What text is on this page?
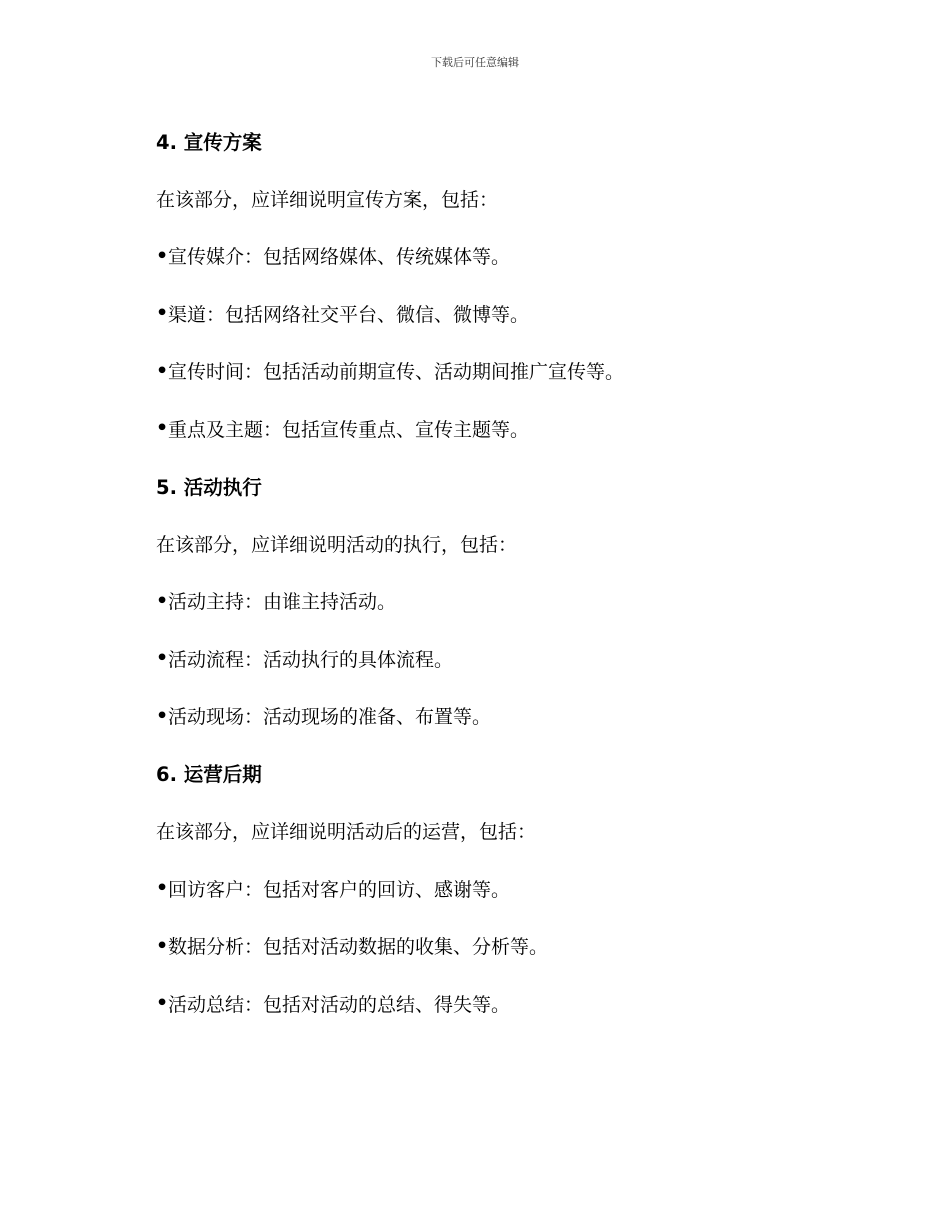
下载后可任意编辑
4. 宣传方案
在该部分，应详细说明宣传方案，包括：
• 宣传媒介：包括网络媒体、传统媒体等。
• 渠道：包括网络社交平台、微信、微博等。
• 宣传时间：包括活动前期宣传、活动期间推广宣传等。
• 重点及主题：包括宣传重点、宣传主题等。
5. 活动执行
在该部分，应详细说明活动的执行，包括：
• 活动主持：由谁主持活动。
• 活动流程：活动执行的具体流程。
• 活动现场：活动现场的准备、布置等。
6. 运营后期
在该部分，应详细说明活动后的运营，包括：
• 回访客户：包括对客户的回访、感谢等。
• 数据分析：包括对活动数据的收集、分析等。
• 活动总结：包括对活动的总结、得失等。
